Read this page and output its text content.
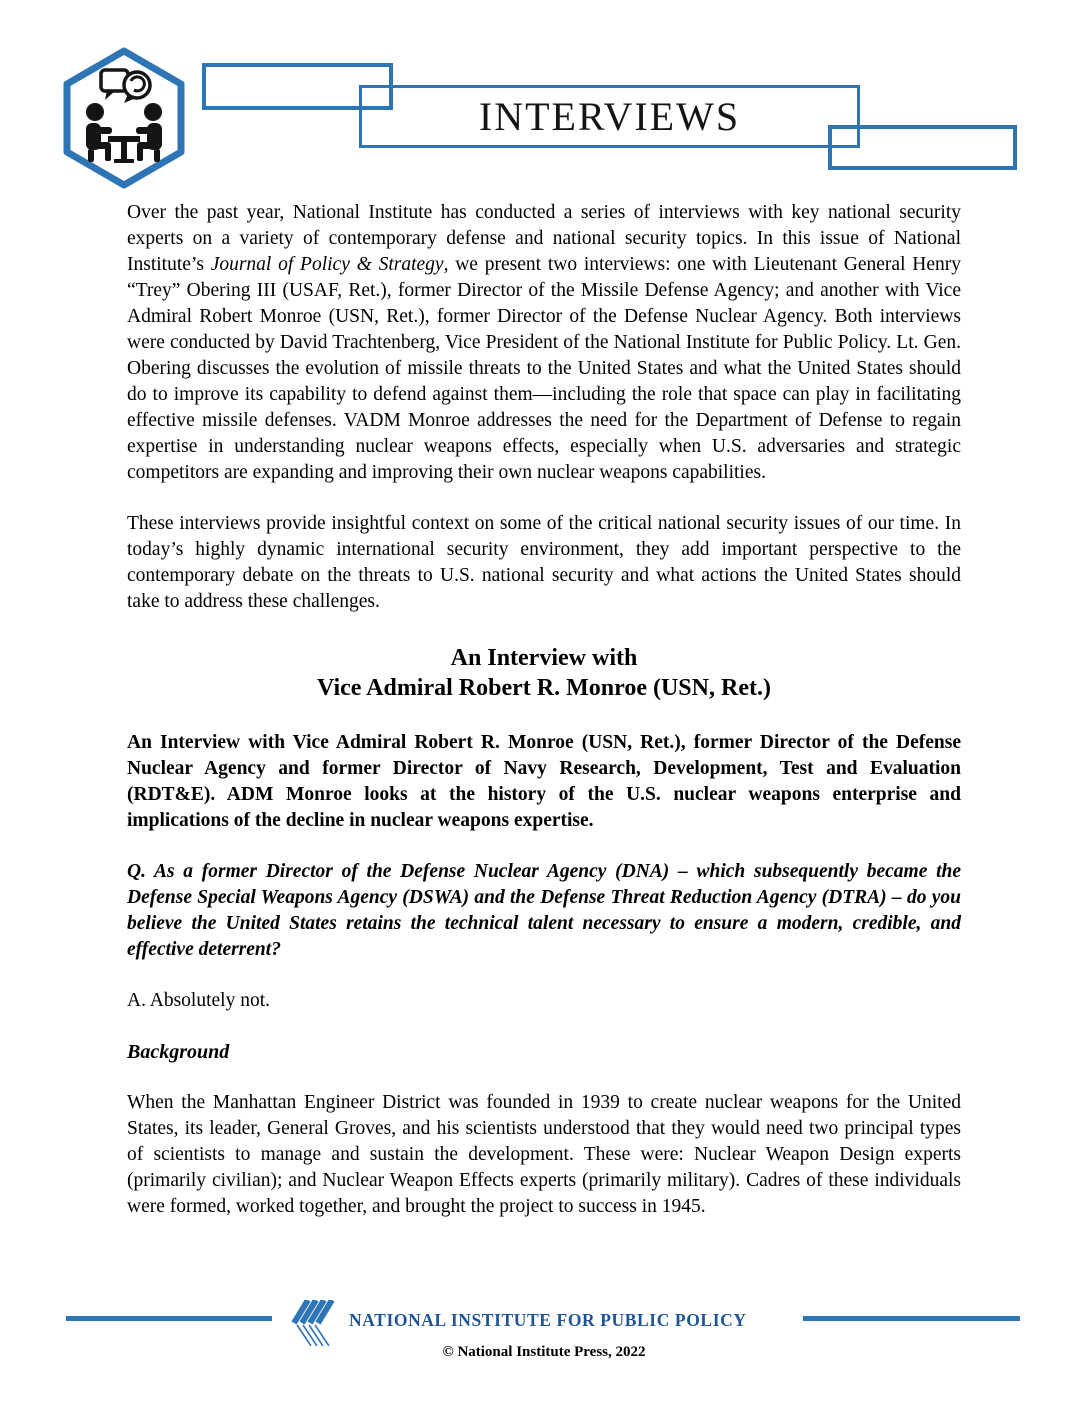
INTERVIEWS

Over the past year, National Institute has conducted a series of interviews with key national security experts on a variety of contemporary defense and national security topics. In this issue of National Institute’s Journal of Policy & Strategy, we present two interviews: one with Lieutenant General Henry “Trey” Obering III (USAF, Ret.), former Director of the Missile Defense Agency; and another with Vice Admiral Robert Monroe (USN, Ret.), former Director of the Defense Nuclear Agency. Both interviews were conducted by David Trachtenberg, Vice President of the National Institute for Public Policy. Lt. Gen. Obering discusses the evolution of missile threats to the United States and what the United States should do to improve its capability to defend against them—including the role that space can play in facilitating effective missile defenses. VADM Monroe addresses the need for the Department of Defense to regain expertise in understanding nuclear weapons effects, especially when U.S. adversaries and strategic competitors are expanding and improving their own nuclear weapons capabilities.

These interviews provide insightful context on some of the critical national security issues of our time. In today’s highly dynamic international security environment, they add important perspective to the contemporary debate on the threats to U.S. national security and what actions the United States should take to address these challenges.

An Interview with
Vice Admiral Robert R. Monroe (USN, Ret.)

An Interview with Vice Admiral Robert R. Monroe (USN, Ret.), former Director of the Defense Nuclear Agency and former Director of Navy Research, Development, Test and Evaluation (RDT&E). ADM Monroe looks at the history of the U.S. nuclear weapons enterprise and implications of the decline in nuclear weapons expertise.

Q. As a former Director of the Defense Nuclear Agency (DNA) – which subsequently became the Defense Special Weapons Agency (DSWA) and the Defense Threat Reduction Agency (DTRA) – do you believe the United States retains the technical talent necessary to ensure a modern, credible, and effective deterrent?

A. Absolutely not.

Background

When the Manhattan Engineer District was founded in 1939 to create nuclear weapons for the United States, its leader, General Groves, and his scientists understood that they would need two principal types of scientists to manage and sustain the development. These were: Nuclear Weapon Design experts (primarily civilian); and Nuclear Weapon Effects experts (primarily military). Cadres of these individuals were formed, worked together, and brought the project to success in 1945.

NATIONAL INSTITUTE FOR PUBLIC POLICY
© National Institute Press, 2022
